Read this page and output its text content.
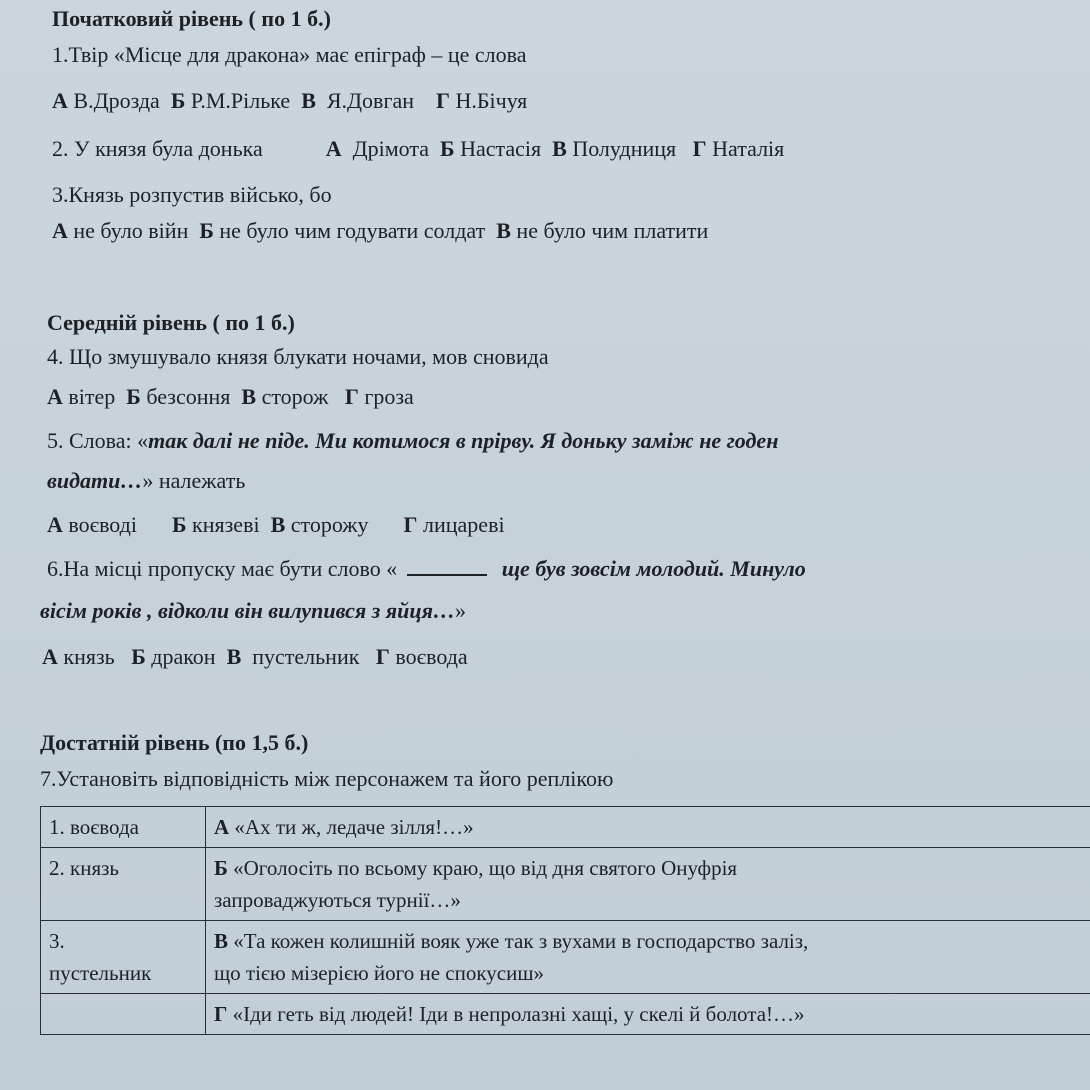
Початковий рівень ( по 1 б.)
1.Твір «Місце для дракона» має епіграф – це слова
А В.Дрозда Б Р.М.Рільке В Я.Довган Г Н.Бічуя
2. У князя була донька	А Дрімота Б Настасія В Полудниця Г Наталія
3.Князь розпустив військо, бо
А не було війн Б не було чим годувати солдат В не було чим платити
Середній рівень ( по 1 б.)
4. Що змушувало князя блукати ночами, мов сновида
А вітер Б безсоння В сторож Г гроза
5. Слова: «так далі не піде. Ми котимося в прірву. Я доньку заміж не годен
видати…» належать
А воєводі Б князеві В сторожу Г лицареві
6.На місці пропуску має бути слово «	ще був зовсім молодий. Минуло
вісім років , відколи він вилупився з яйця…»
А князь Б дракон В пустельник Г воєвода
Достатній рівень (по 1,5 б.)
7.Установіть відповідність між персонажем та його реплікою
1. воєвода	А «Ах ти ж, ледаче зілля!…»
2. князь	Б «Оголосіть по всьому краю, що від дня святого Онуфрія
запроваджуються турнії…»
3.
пустельник	В «Та кожен колишній вояк уже так з вухами в господарство заліз,
що тією мізерією його не спокусиш»
	Г «Іди геть від людей! Іди в непролазні хащі, у скелі й болота!…»
